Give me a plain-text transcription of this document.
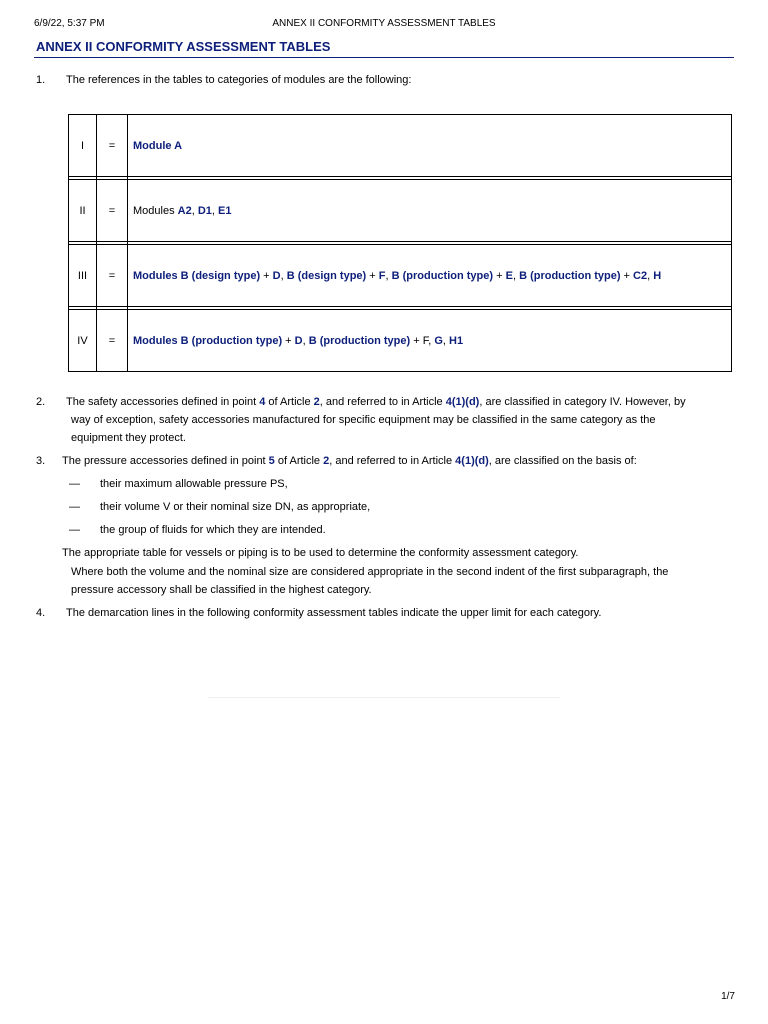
6/9/22, 5:37 PM	ANNEX II CONFORMITY ASSESSMENT TABLES
ANNEX II CONFORMITY ASSESSMENT TABLES
1. The references in the tables to categories of modules are the following:
I	=	Module A

II	=	Modules A2, D1, E1

III	=	Modules B (design type) + D, B (design type) + F, B (production type) + E, B (production type) + C2, H

IV	=	Modules B (production type) + D, B (production type) + F, G, H1
2. The safety accessories defined in point 4 of Article 2, and referred to in Article 4(1)(d), are classified in category IV. However, by
way of exception, safety accessories manufactured for specific equipment may be classified in the same category as the
equipment they protect.
3. The pressure accessories defined in point 5 of Article 2, and referred to in Article 4(1)(d), are classified on the basis of:
—	their maximum allowable pressure PS,
—	their volume V or their nominal size DN, as appropriate,
—	the group of fluids for which they are intended.
The appropriate table for vessels or piping is to be used to determine the conformity assessment category.
Where both the volume and the nominal size are considered appropriate in the second indent of the first subparagraph, the
pressure accessory shall be classified in the highest category.
4. The demarcation lines in the following conformity assessment tables indicate the upper limit for each category.
1/7
